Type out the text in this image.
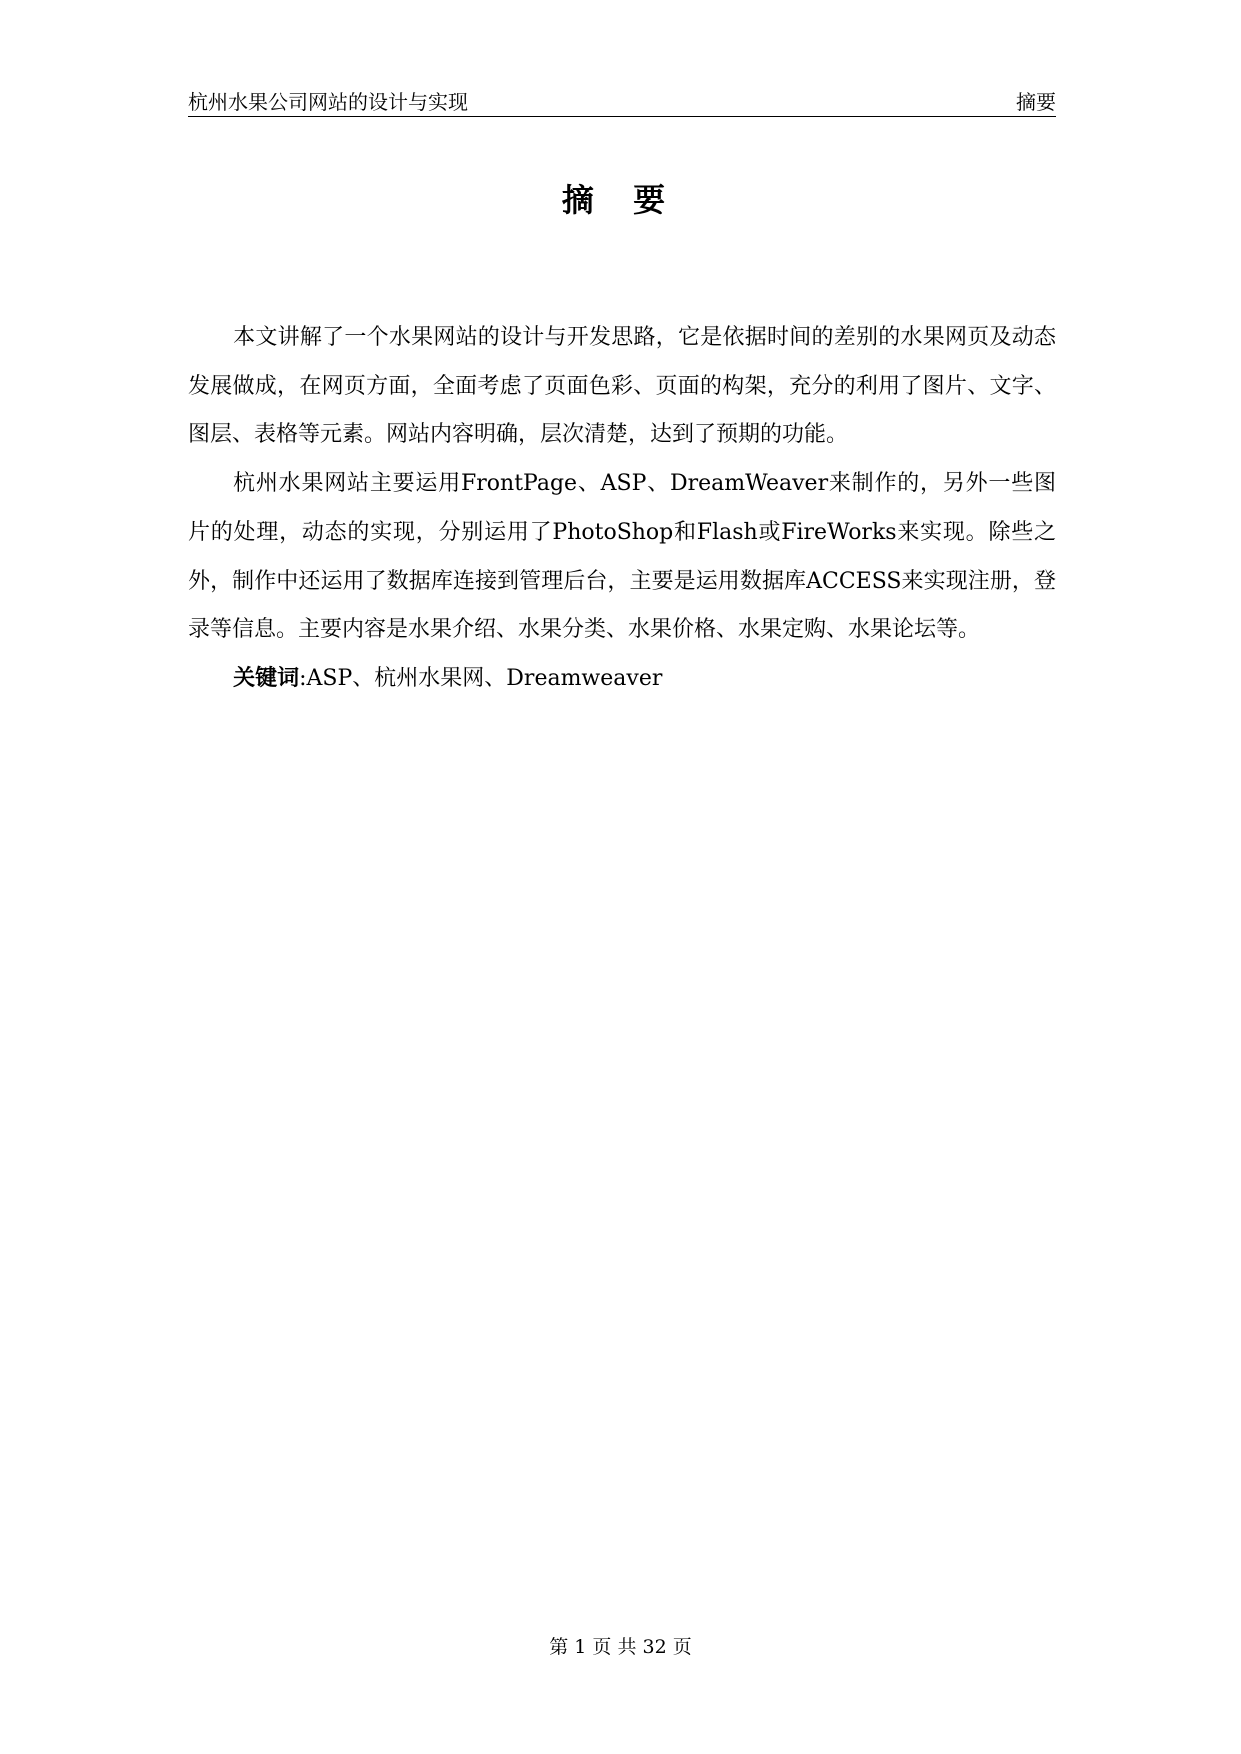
杭州水果公司网站的设计与实现	摘要
摘 要

本文讲解了一个水果网站的设计与开发思路，它是依据时间的差别的水果网页及动态发展做成，在网页方面，全面考虑了页面色彩、页面的构架，充分的利用了图片、文字、图层、表格等元素。网站内容明确，层次清楚，达到了预期的功能。

杭州水果网站主要运用FrontPage、ASP、DreamWeaver来制作的，另外一些图片的处理，动态的实现，分别运用了PhotoShop和Flash或FireWorks来实现。除些之外，制作中还运用了数据库连接到管理后台，主要是运用数据库ACCESS来实现注册，登录等信息。主要内容是水果介绍、水果分类、水果价格、水果定购、水果论坛等。

关键词:ASP、杭州水果网、Dreamweaver

第 1 页 共 32 页
